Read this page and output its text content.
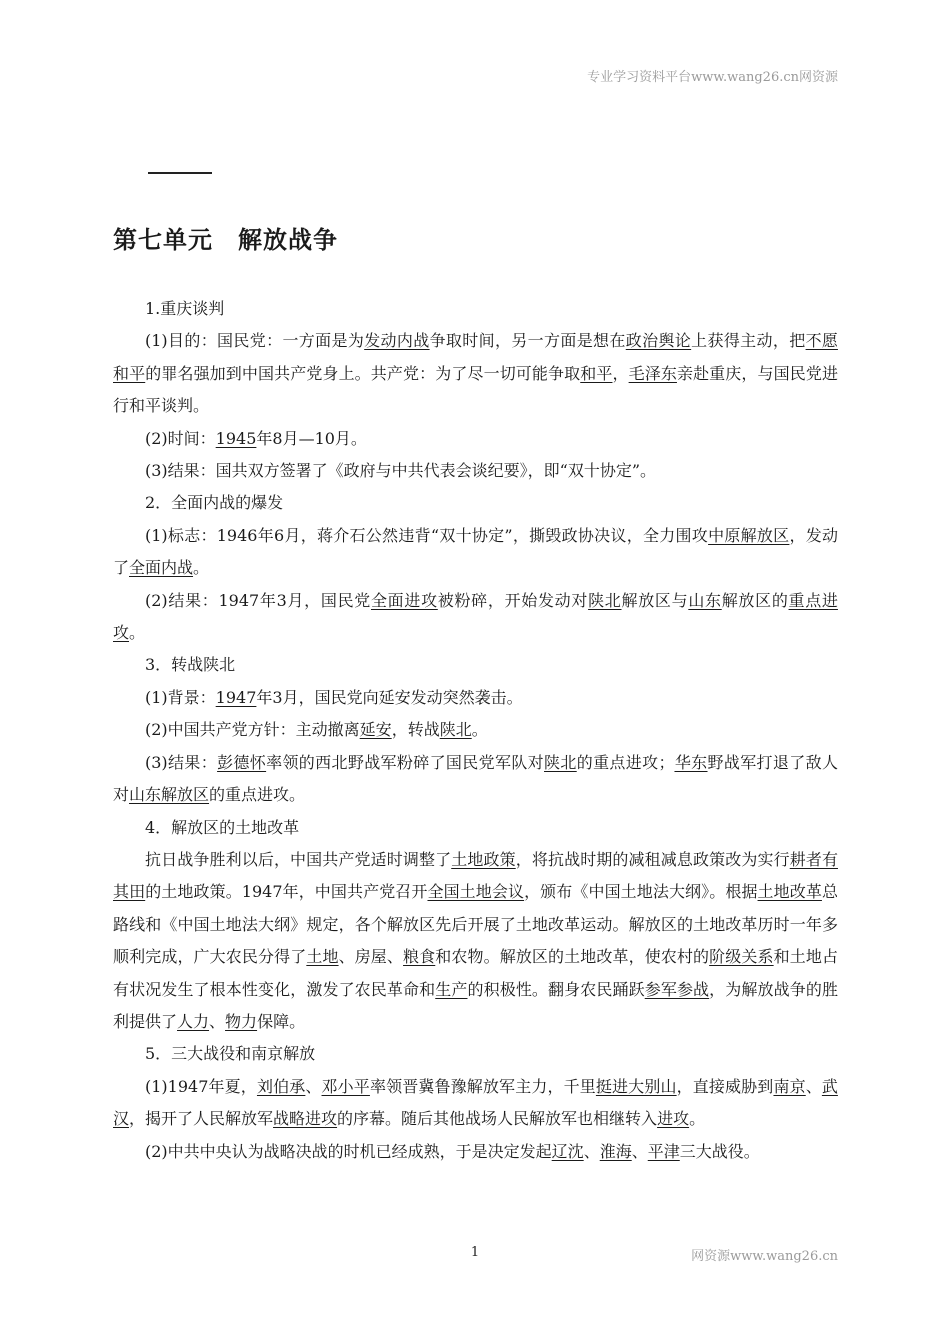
专业学习资料平台www.wang26.cn网资源
第七单元　解放战争

1.重庆谈判

(1)目的：国民党：一方面是为发动内战争取时间，另一方面是想在政治舆论上获得主动，把不愿和平的罪名强加到中国共产党身上。共产党：为了尽一切可能争取和平，毛泽东亲赴重庆，与国民党进行和平谈判。

(2)时间：1945年8月—10月。

(3)结果：国共双方签署了《政府与中共代表会谈纪要》，即“双十协定”。

2．全面内战的爆发

(1)标志：1946年6月，蒋介石公然违背“双十协定”，撕毁政协决议，全力围攻中原解放区，发动了全面内战。

(2)结果：1947年3月，国民党全面进攻被粉碎，开始发动对陕北解放区与山东解放区的重点进攻。

3．转战陕北

(1)背景：1947年3月，国民党向延安发动突然袭击。

(2)中国共产党方针：主动撤离延安，转战陕北。

(3)结果：彭德怀率领的西北野战军粉碎了国民党军队对陕北的重点进攻；华东野战军打退了敌人对山东解放区的重点进攻。

4．解放区的土地改革

抗日战争胜利以后，中国共产党适时调整了土地政策，将抗战时期的减租减息政策改为实行耕者有其田的土地政策。1947年，中国共产党召开全国土地会议，颁布《中国土地法大纲》。根据土地改革总路线和《中国土地法大纲》规定，各个解放区先后开展了土地改革运动。解放区的土地改革历时一年多顺利完成，广大农民分得了土地、房屋、粮食和农物。解放区的土地改革，使农村的阶级关系和土地占有状况发生了根本性变化，激发了农民革命和生产的积极性。翻身农民踊跃参军参战，为解放战争的胜利提供了人力、物力保障。

5．三大战役和南京解放

(1)1947年夏，刘伯承、邓小平率领晋冀鲁豫解放军主力，千里挺进大别山，直接威胁到南京、武汉，揭开了人民解放军战略进攻的序幕。随后其他战场人民解放军也相继转入进攻。

(2)中共中央认为战略决战的时机已经成熟，于是决定发起辽沈、淮海、平津三大战役。

1	网资源www.wang26.cn
